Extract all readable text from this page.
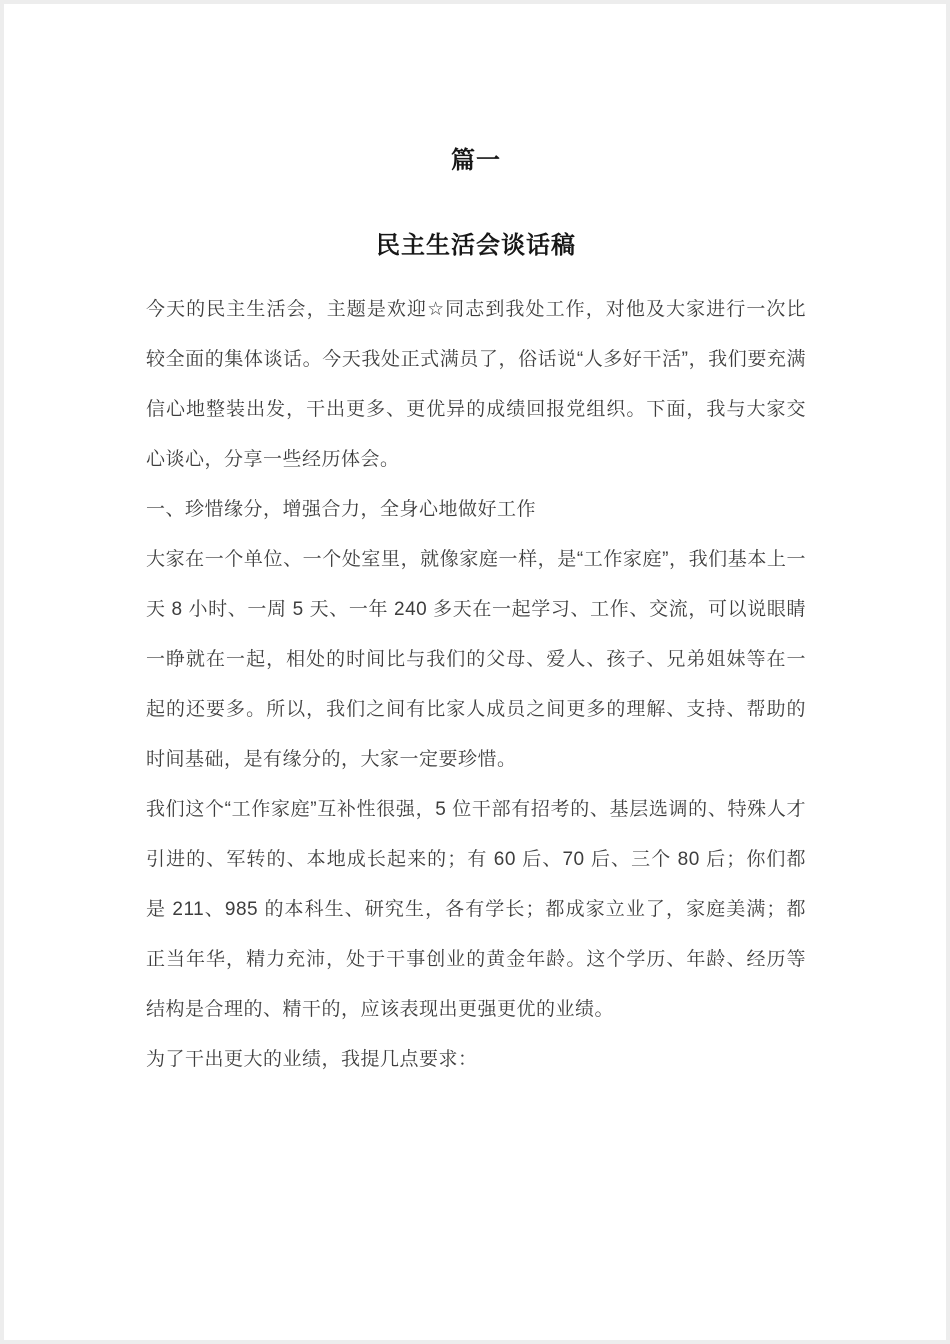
篇一
民主生活会谈话稿

今天的民主生活会，主题是欢迎☆同志到我处工作，对他及大家进行一次比较全面的集体谈话。今天我处正式满员了，俗话说“人多好干活”，我们要充满信心地整装出发，干出更多、更优异的成绩回报党组织。下面，我与大家交心谈心，分享一些经历体会。

一、珍惜缘分，增强合力，全身心地做好工作

大家在一个单位、一个处室里，就像家庭一样，是“工作家庭”，我们基本上一天 8 小时、一周 5 天、一年 240 多天在一起学习、工作、交流，可以说眼睛一睁就在一起，相处的时间比与我们的父母、爱人、孩子、兄弟姐妹等在一起的还要多。所以，我们之间有比家人成员之间更多的理解、支持、帮助的时间基础，是有缘分的，大家一定要珍惜。

我们这个“工作家庭”互补性很强，5 位干部有招考的、基层选调的、特殊人才引进的、军转的、本地成长起来的；有 60 后、70 后、三个 80 后；你们都是 211、985 的本科生、研究生，各有学长；都成家立业了，家庭美满；都正当年华，精力充沛，处于干事创业的黄金年龄。这个学历、年龄、经历等结构是合理的、精干的，应该表现出更强更优的业绩。

为了干出更大的业绩，我提几点要求：
